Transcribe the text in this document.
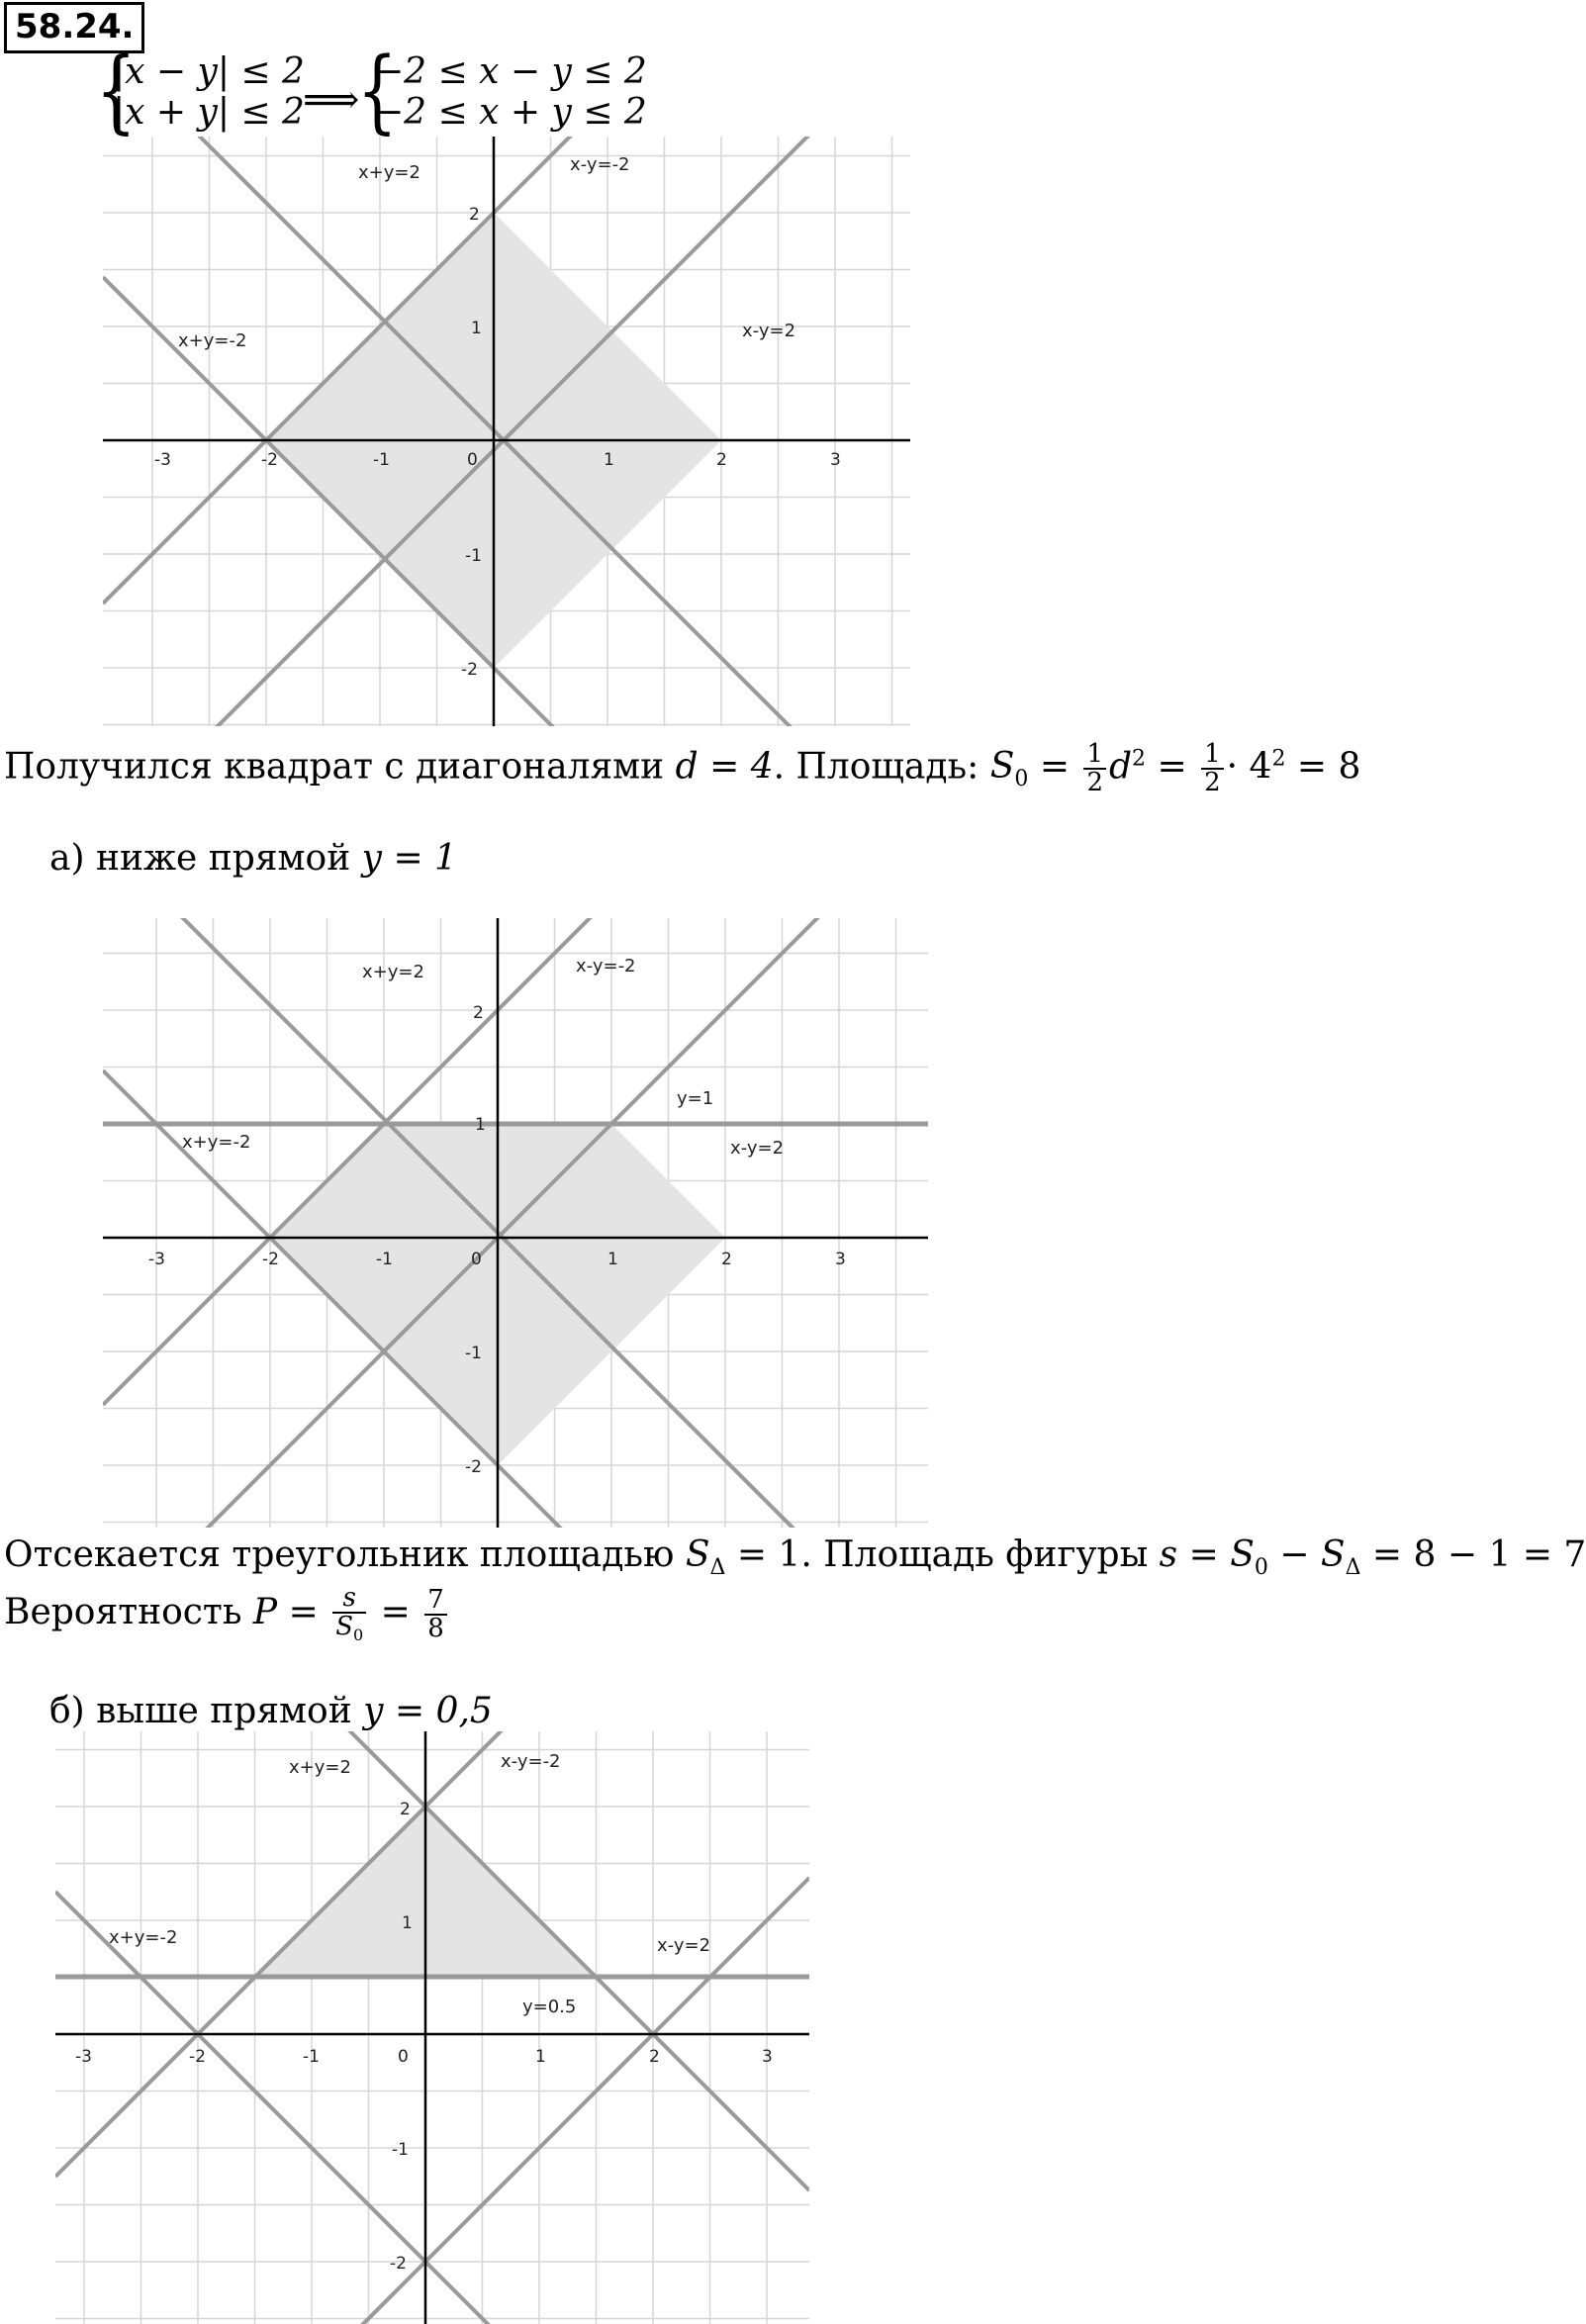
58.24.
{
|x − y| ≤ 2
|x + y| ≤ 2
⟹
{
−2 ≤ x − y ≤ 2
−2 ≤ x + y ≤ 2
-3	-2	-1	0	1	2	3
2
1
-1
-2
x+y=2	x-y=-2
x+y=-2	x-y=2
Получился квадрат с диагоналями d = 4. Площадь: $S_0 = \frac{1}{2} d^2 = \frac{1}{2} \cdot 4^2 = 8$
а) ниже прямой y = 1
-3	-2	-1	0	1	2	3
2
1
-1
-2
x+y=2	x-y=-2
y=1
x+y=-2	x-y=2
Отсекается треугольник площадью $S_\Delta = 1$. Площадь фигуры $s = S_0 - S_\Delta = 8 - 1 = 7$
Вероятность $P = \frac{s}{S_0} = \frac{7}{8}$
б) выше прямой y = 0,5
-3	-2	-1	0	1	2	3
2
1
-1
-2
x+y=2	x-y=-2
x+y=-2	x-y=2
y=0.5
